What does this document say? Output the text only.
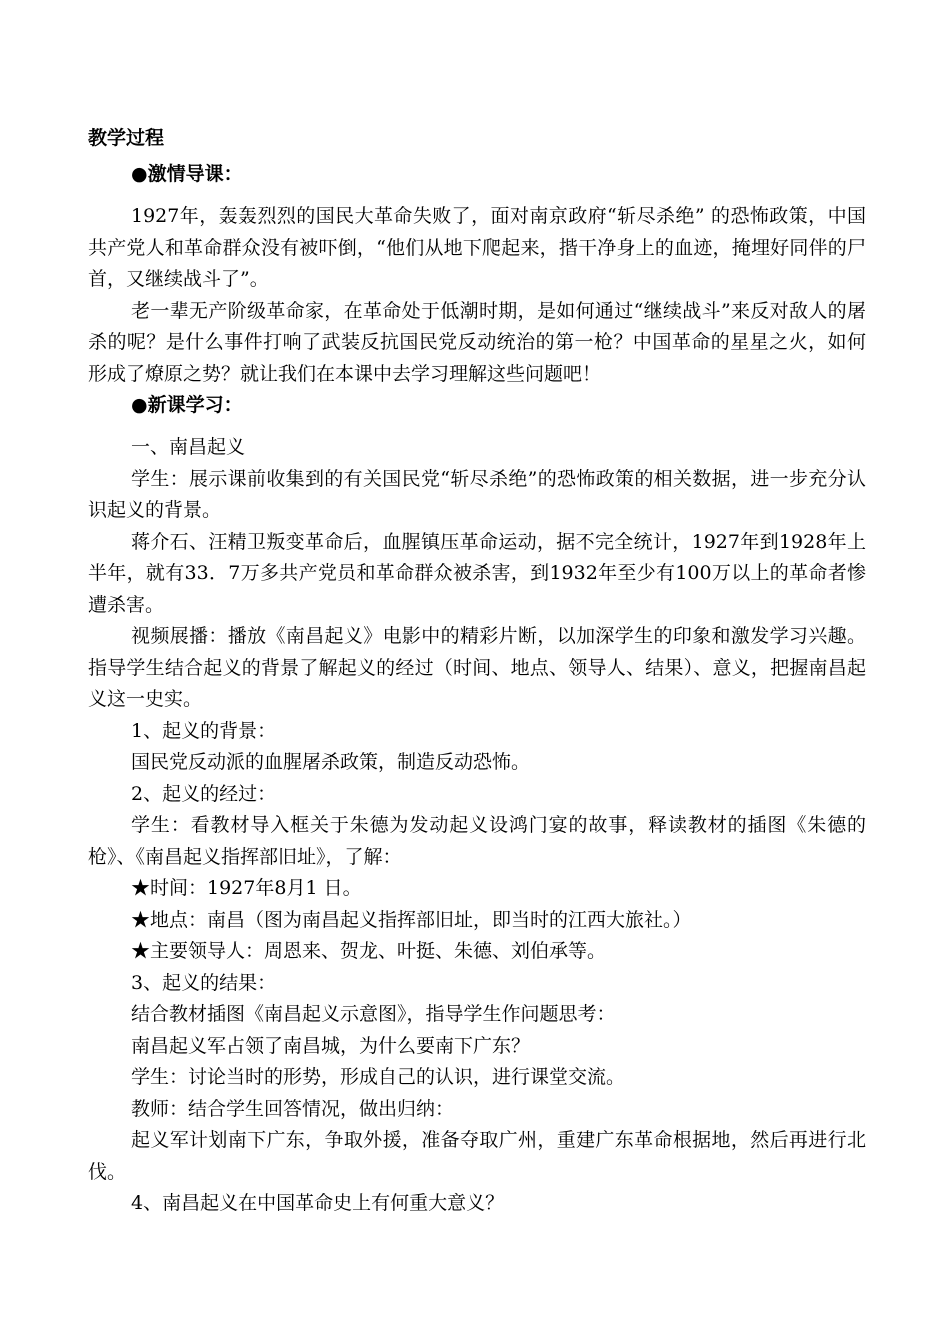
教学过程
●激情导课：

1927年，轰轰烈烈的国民大革命失败了，面对南京政府“斩尽杀绝” 的恐怖政策，中国共产党人和革命群众没有被吓倒，“他们从地下爬起来，揩干净身上的血迹，掩埋好同伴的尸首，又继续战斗了”。

老一辈无产阶级革命家，在革命处于低潮时期，是如何通过“继续战斗”来反对敌人的屠杀的呢？是什么事件打响了武装反抗国民党反动统治的第一枪？中国革命的星星之火，如何形成了燎原之势？就让我们在本课中去学习理解这些问题吧！

●新课学习：

一、南昌起义

学生：展示课前收集到的有关国民党“斩尽杀绝”的恐怖政策的相关数据，进一步充分认识起义的背景。

蒋介石、汪精卫叛变革命后，血腥镇压革命运动，据不完全统计，1927年到1928年上半年，就有33．7万多共产党员和革命群众被杀害，到1932年至少有100万以上的革命者惨遭杀害。

视频展播：播放《南昌起义》电影中的精彩片断，以加深学生的印象和激发学习兴趣。指导学生结合起义的背景了解起义的经过（时间、地点、领导人、结果）、意义，把握南昌起义这一史实。

1、起义的背景：

国民党反动派的血腥屠杀政策，制造反动恐怖。

2、起义的经过：

学生：看教材导入框关于朱德为发动起义设鸿门宴的故事，释读教材的插图《朱德的枪》、《南昌起义指挥部旧址》，了解：

★时间：1927年8月1 日。

★地点：南昌（图为南昌起义指挥部旧址，即当时的江西大旅社。）

★主要领导人：周恩来、贺龙、叶挺、朱德、刘伯承等。

3、起义的结果：

结合教材插图《南昌起义示意图》，指导学生作问题思考：

南昌起义军占领了南昌城，为什么要南下广东？

学生：讨论当时的形势，形成自己的认识，进行课堂交流。

教师：结合学生回答情况，做出归纳：

起义军计划南下广东，争取外援，准备夺取广州，重建广东革命根据地，然后再进行北伐。

4、南昌起义在中国革命史上有何重大意义？
